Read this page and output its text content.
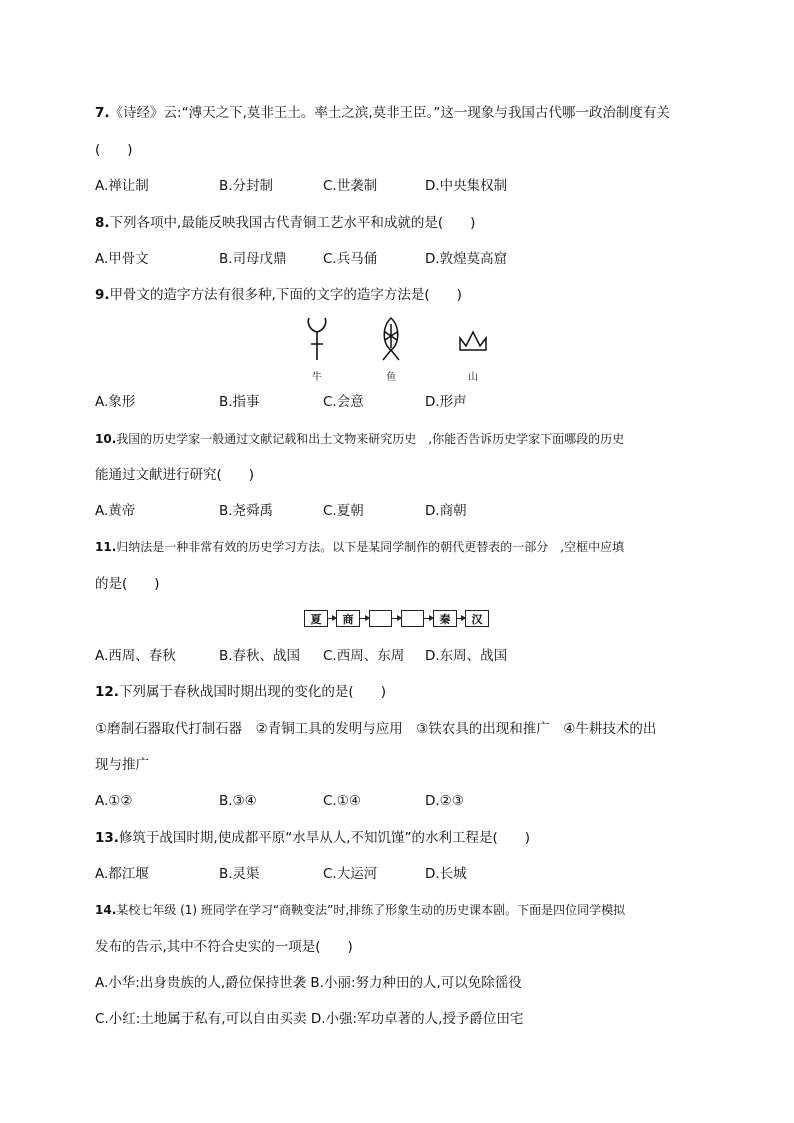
7.《诗经》云:“溥天之下,莫非王土。率土之滨,莫非王臣。”这一现象与我国古代哪一政治制度有关
(　　)
A.禅让制	B.分封制	C.世袭制	D.中央集权制
8.下列各项中,最能反映我国古代青铜工艺水平和成就的是(　　)
A.甲骨文	B.司母戊鼎	C.兵马俑	D.敦煌莫高窟
9.甲骨文的造字方法有很多种,下面的文字的造字方法是(　　)
牛	鱼	山
A.象形	B.指事	C.会意	D.形声
10.我国的历史学家一般通过文献记载和出土文物来研究历史　,你能否告诉历史学家下面哪段的历史
能通过文献进行研究(　　)
A.黄帝	B.尧舜禹	C.夏朝	D.商朝
11.归纳法是一种非常有效的历史学习方法。以下是某同学制作的朝代更替表的一部分　,空框中应填
的是(　　)
夏	商	秦	汉
A.西周、春秋	B.春秋、战国 C.西周、东周 D.东周、战国
12.下列属于春秋战国时期出现的变化的是(　　)
①磨制石器取代打制石器　②青铜工具的发明与应用　③铁农具的出现和推广　④牛耕技术的出
现与推广
A.①②	B.③④	C.①④	D.②③
13.修筑于战国时期,使成都平原“水旱从人,不知饥馑”的水利工程是(　　)
A.都江堰	B.灵渠	C.大运河	D.长城
14.某校七年级 (1) 班同学在学习“商鞅变法”时,排练了形象生动的历史课本剧。下面是四位同学模拟
发布的告示,其中不符合史实的一项是(　　)
A.小华:出身贵族的人,爵位保持世袭 B.小丽:努力种田的人,可以免除徭役
C.小红:土地属于私有,可以自由买卖 D.小强:军功卓著的人,授予爵位田宅
